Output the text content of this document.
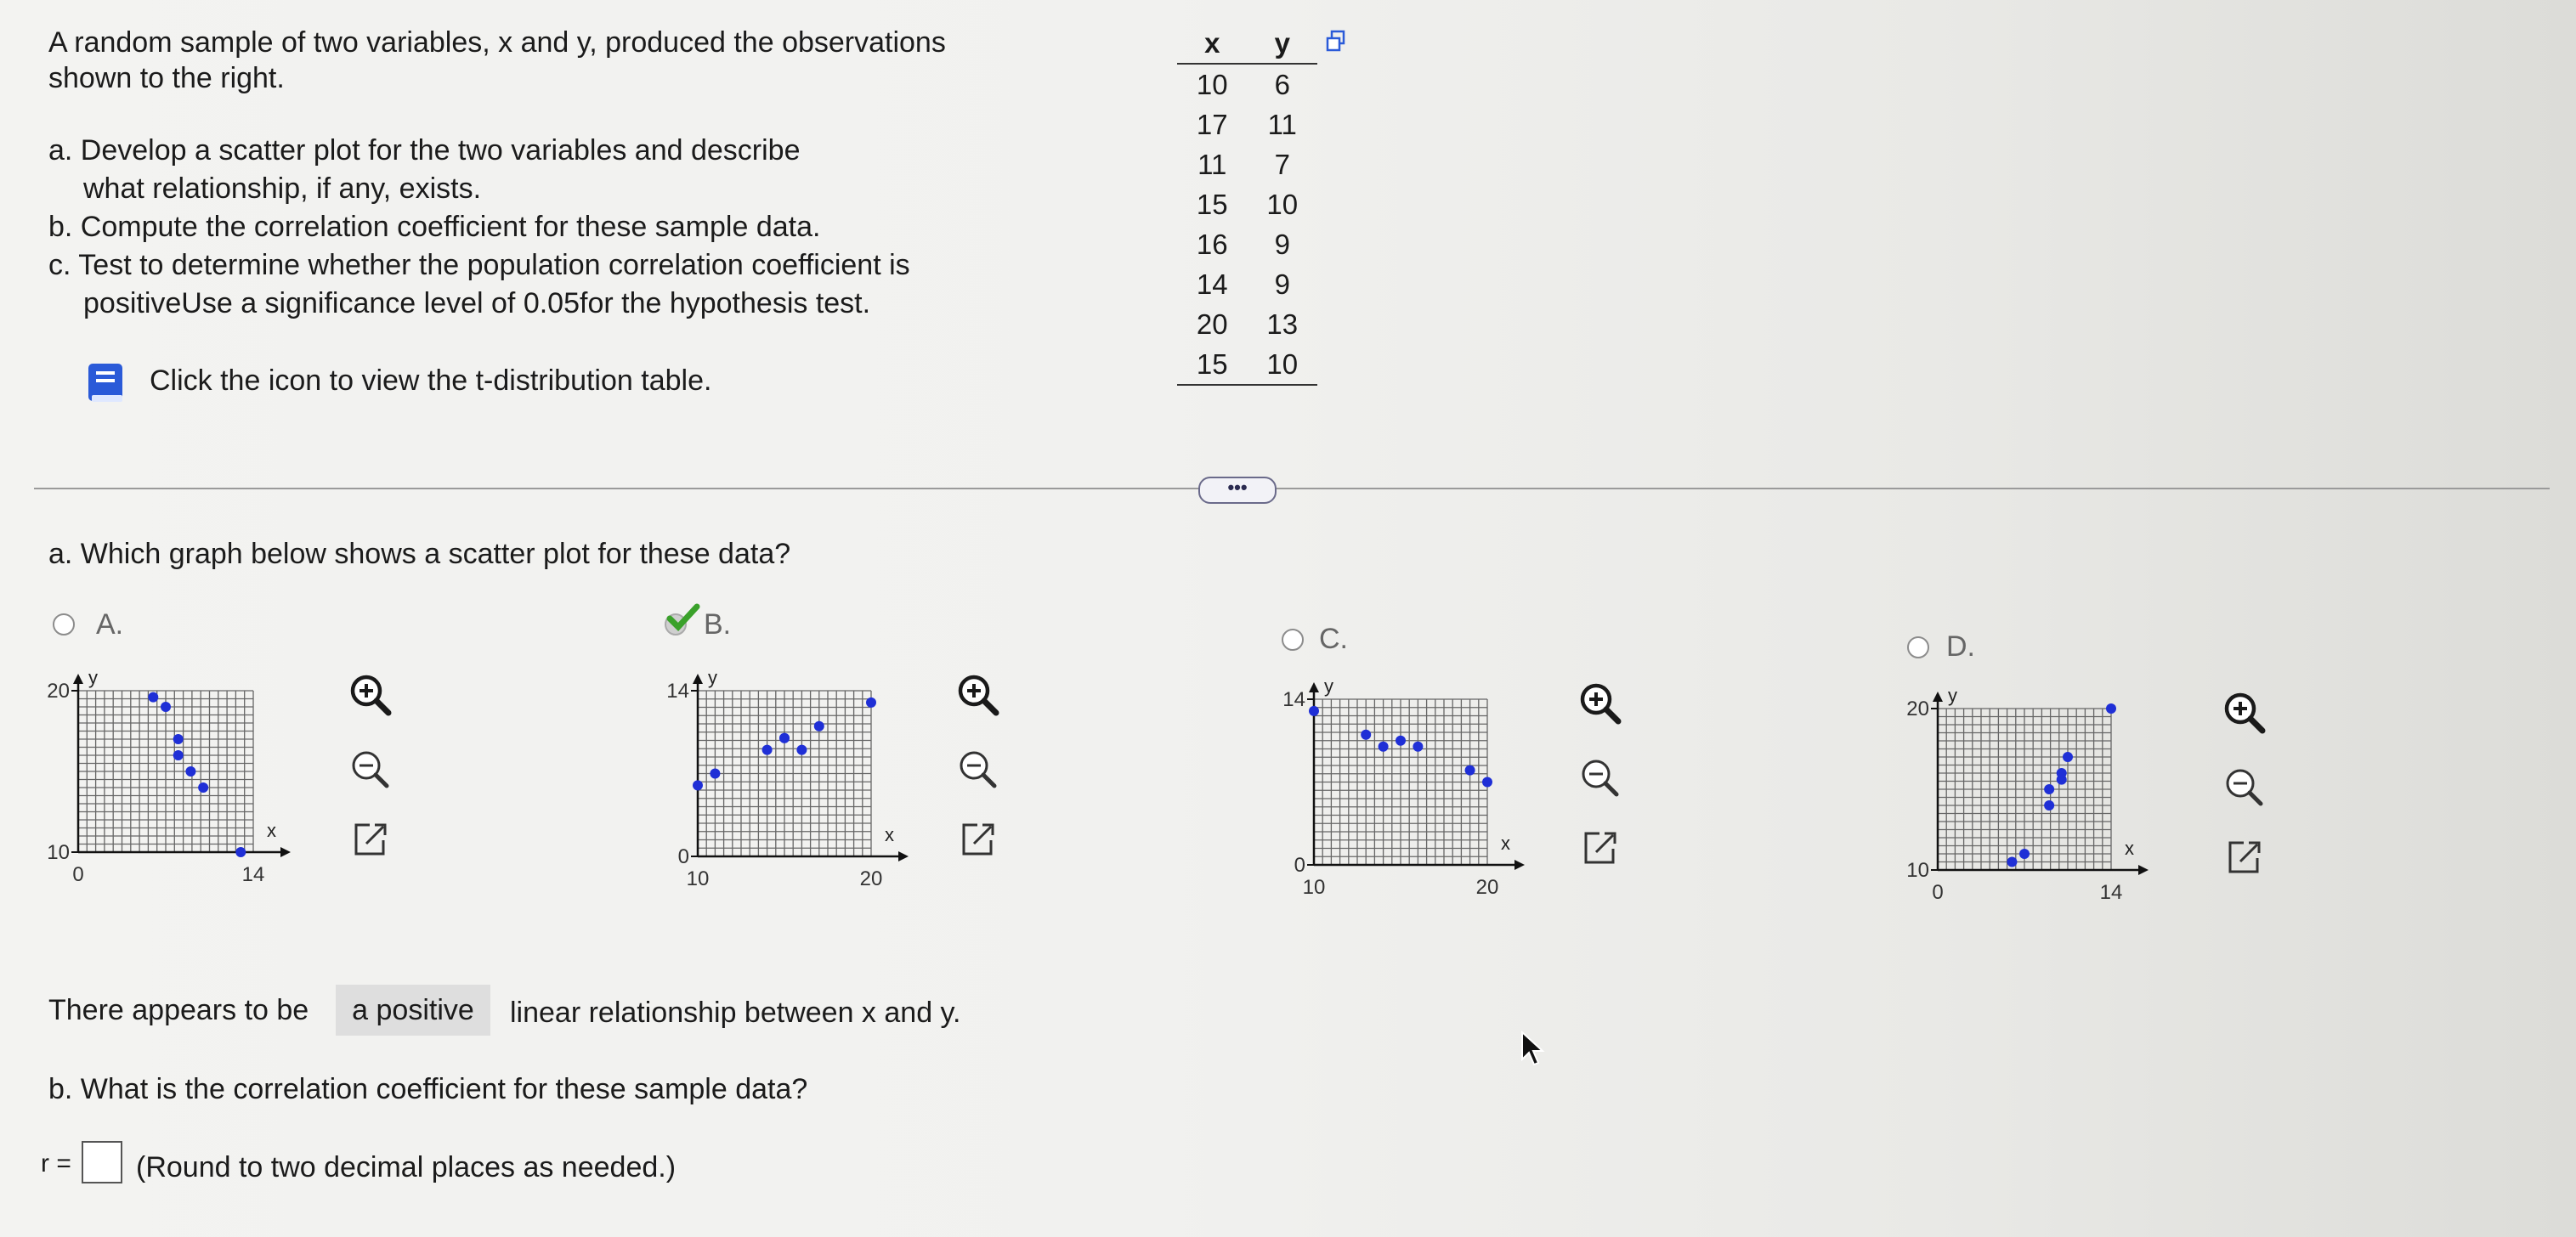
A random sample of two variables, x and y, produced the observations
shown to the right.
a. Develop a scatter plot for the two variables and describe
what relationship, if any, exists.
b. Compute the correlation coefficient for these sample data.
c. Test to determine whether the population correlation coefficient is
positiveUse a significance level of 0.05for the hypothesis test.
Click the icon to view the t-distribution table.
x	y
10	6
17	11
11	7
15	10
16	9
14	9
20	13
15	10
•••
a. Which graph below shows a scatter plot for these data?
A.
x
y
0	14
10
20
B.
x
y
10	20
0
14
C.
x
y
10	20
0
14
D.
x
y
0	14
10
20
There appears to be	a positive	linear relationship between x and y.
b. What is the correlation coefficient for these sample data?
r = (Round to two decimal places as needed.)
